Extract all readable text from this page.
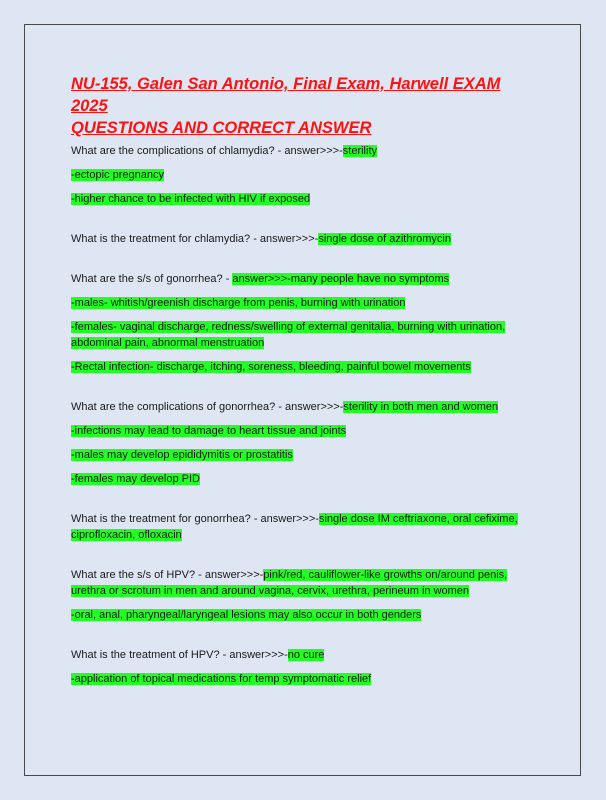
NU-155, Galen San Antonio, Final Exam, Harwell EXAM 2025
QUESTIONS AND CORRECT ANSWER
What are the complications of chlamydia? - answer>>>-sterility
-ectopic pregnancy
-higher chance to be infected with HIV if exposed
What is the treatment for chlamydia? - answer>>>-single dose of azithromycin
What are the s/s of gonorrhea? - answer>>>-many people have no symptoms
-males- whitish/greenish discharge from penis, burning with urination
-females- vaginal discharge, redness/swelling of external genitalia, burning with urination,
abdominal pain, abnormal menstruation
-Rectal infection- discharge, itching, soreness, bleeding, painful bowel movements
What are the complications of gonorrhea? - answer>>>-sterility in both men and women
-infections may lead to damage to heart tissue and joints
-males may develop epididymitis or prostatitis
-females may develop PID
What is the treatment for gonorrhea? - answer>>>-single dose IM ceftriaxone, oral cefixime,
ciprofloxacin, ofloxacin
What are the s/s of HPV? - answer>>>-pink/red, cauliflower-like growths on/around penis,
urethra or scrotum in men and around vagina, cervix, urethra, perineum in women
-oral, anal, pharyngeal/laryngeal lesions may also occur in both genders
What is the treatment of HPV? - answer>>>-no cure
-application of topical medications for temp symptomatic relief
